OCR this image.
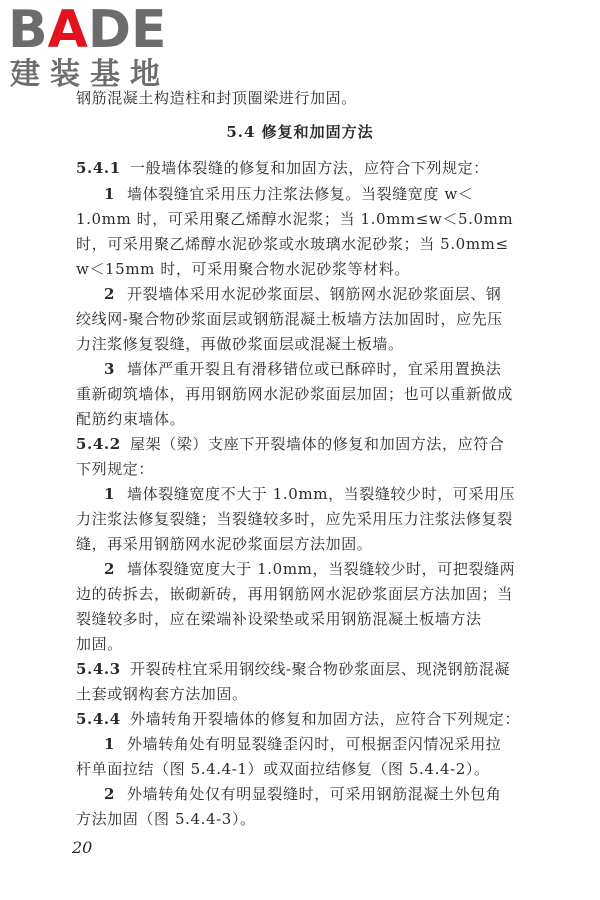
BADE
建装基地
钢筋混凝土构造柱和封顶圈梁进行加固。
5.4 修复和加固方法
5.4.1 一般墙体裂缝的修复和加固方法，应符合下列规定：
1 墙体裂缝宜采用压力注浆法修复。当裂缝宽度 w＜
1.0mm 时，可采用聚乙烯醇水泥浆；当 1.0mm≤w＜5.0mm
时，可采用聚乙烯醇水泥砂浆或水玻璃水泥砂浆；当 5.0mm≤
w＜15mm 时，可采用聚合物水泥砂浆等材料。
2 开裂墙体采用水泥砂浆面层、钢筋网水泥砂浆面层、钢
绞线网-聚合物砂浆面层或钢筋混凝土板墙方法加固时，应先压
力注浆修复裂缝，再做砂浆面层或混凝土板墙。
3 墙体严重开裂且有滑移错位或已酥碎时，宜采用置换法
重新砌筑墙体，再用钢筋网水泥砂浆面层加固；也可以重新做成
配筋约束墙体。
5.4.2 屋架（梁）支座下开裂墙体的修复和加固方法，应符合
下列规定：
1 墙体裂缝宽度不大于 1.0mm，当裂缝较少时，可采用压
力注浆法修复裂缝；当裂缝较多时，应先采用压力注浆法修复裂
缝，再采用钢筋网水泥砂浆面层方法加固。
2 墙体裂缝宽度大于 1.0mm，当裂缝较少时，可把裂缝两
边的砖拆去，嵌砌新砖，再用钢筋网水泥砂浆面层方法加固；当
裂缝较多时，应在梁端补设梁垫或采用钢筋混凝土板墙方法
加固。
5.4.3 开裂砖柱宜采用钢绞线-聚合物砂浆面层、现浇钢筋混凝
土套或钢构套方法加固。
5.4.4 外墙转角开裂墙体的修复和加固方法，应符合下列规定：
1 外墙转角处有明显裂缝歪闪时，可根据歪闪情况采用拉
杆单面拉结（图 5.4.4-1）或双面拉结修复（图 5.4.4-2）。
2 外墙转角处仅有明显裂缝时，可采用钢筋混凝土外包角
方法加固（图 5.4.4-3）。
20
